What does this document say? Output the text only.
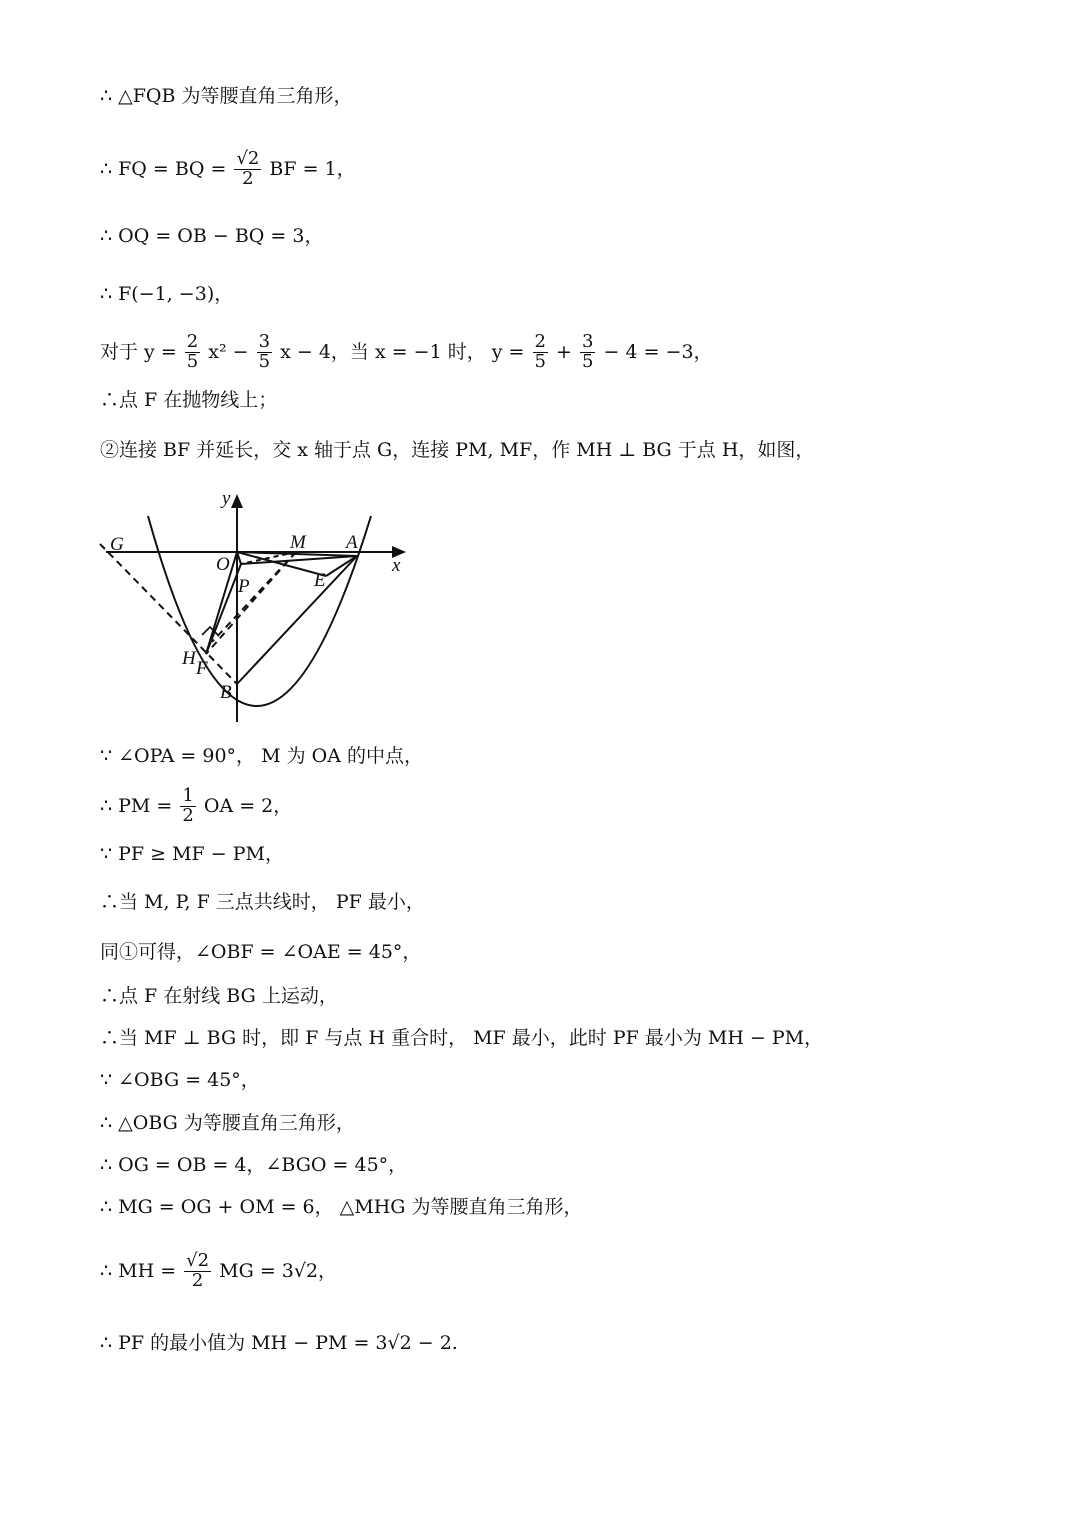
∴ △FQB 为等腰直角三角形，
∴ FQ = BQ = $\frac{√2}{2}$ BF = 1，
∴ OQ = OB − BQ = 3，
∴ F(−1, −3)，
对于 $y = \frac{2}{5} x^2 - \frac{3}{5}$ x − 4，当 x = −1 时， $y = \frac{2}{5} + \frac{3}{5} - 4 = -3$，
∴点 F 在抛物线上；
②连接 BF 并延长，交 x 轴于点 G，连接 PM, MF，作 MH ⊥ BG 于点 H，如图，
G	M A
O	x
y
E
P
H F
B
∵ ∠OPA = 90°， M 为 OA 的中点，
∴ PM = $\frac{1}{2}$ OA = 2，
∵ PF ≥ MF − PM，
∴当 M, P, F 三点共线时， PF 最小，
同①可得，∠OBF = ∠OAE = 45°，
∴点 F 在射线 BG 上运动，
∴当 MF ⊥ BG 时，即 F 与点 H 重合时， MF 最小，此时 PF 最小为 MH − PM，
∵ ∠OBG = 45°，
∴ △OBG 为等腰直角三角形，
∴ OG = OB = 4，∠BGO = 45°，
∴ MG = OG + OM = 6， △MHG 为等腰直角三角形，
∴ MH = $\frac{√2}{2}$ MG = 3√2，
∴ PF 的最小值为 MH − PM = 3√2 − 2.
